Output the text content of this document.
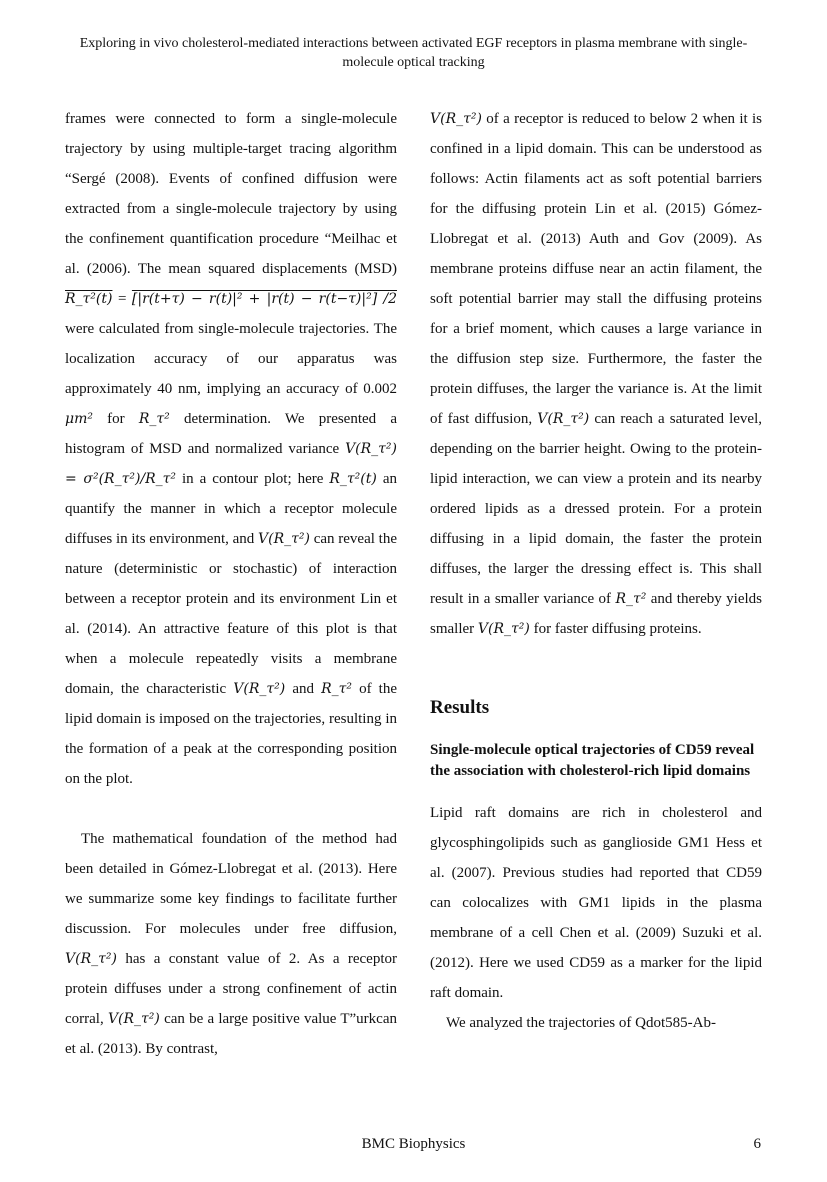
Exploring in vivo cholesterol-mediated interactions between activated EGF receptors in plasma membrane with single-molecule optical tracking

frames were connected to form a single-molecule trajectory by using multiple-target tracing algorithm “Sergé (2008). Events of confined diffusion were extracted from a single-molecule trajectory by using the confinement quantification procedure “Meilhac et al. (2006). The mean squared displacements (MSD) R_τ²(t) = [|r(t+τ) − r(t)|² + |r(t) − r(t−τ)|²] /2 were calculated from single-molecule trajectories. The localization accuracy of our apparatus was approximately 40 nm, implying an accuracy of 0.002 μm² for R_τ² determination. We presented a histogram of MSD and normalized variance V(R_τ²) = σ²(R_τ²)/R_τ² in a contour plot; here R_τ²(t) an quantify the manner in which a receptor molecule diffuses in its environment, and V(R_τ²) can reveal the nature (deterministic or stochastic) of interaction between a receptor protein and its environment Lin et al. (2014). An attractive feature of this plot is that when a molecule repeatedly visits a membrane domain, the characteristic V(R_τ²) and R_τ² of the lipid domain is imposed on the trajectories, resulting in the formation of a peak at the corresponding position on the plot.

The mathematical foundation of the method had been detailed in Gómez-Llobregat et al. (2013). Here we summarize some key findings to facilitate further discussion. For molecules under free diffusion, V(R_τ²) has a constant value of 2. As a receptor protein diffuses under a strong confinement of actin corral, V(R_τ²) can be a large positive value T”urkcan et al. (2013). By contrast,

V(R_τ²) of a receptor is reduced to below 2 when it is confined in a lipid domain. This can be understood as follows: Actin filaments act as soft potential barriers for the diffusing protein Lin et al. (2015) Gómez-Llobregat et al. (2013) Auth and Gov (2009). As membrane proteins diffuse near an actin filament, the soft potential barrier may stall the diffusing proteins for a brief moment, which causes a large variance in the diffusion step size. Furthermore, the faster the protein diffuses, the larger the variance is. At the limit of fast diffusion, V(R_τ²) can reach a saturated level, depending on the barrier height. Owing to the protein-lipid interaction, we can view a protein and its nearby ordered lipids as a dressed protein. For a protein diffusing in a lipid domain, the faster the protein diffuses, the larger the dressing effect is. This shall result in a smaller variance of R_τ² and thereby yields smaller V(R_τ²) for faster diffusing proteins.

Results
Single-molecule optical trajectories of CD59 reveal the association with cholesterol-rich lipid domains

Lipid raft domains are rich in cholesterol and glycosphingolipids such as ganglioside GM1 Hess et al. (2007). Previous studies had reported that CD59 can colocalizes with GM1 lipids in the plasma membrane of a cell Chen et al. (2009) Suzuki et al. (2012). Here we used CD59 as a marker for the lipid raft domain.

We analyzed the trajectories of Qdot585-Ab-

BMC Biophysics	6
